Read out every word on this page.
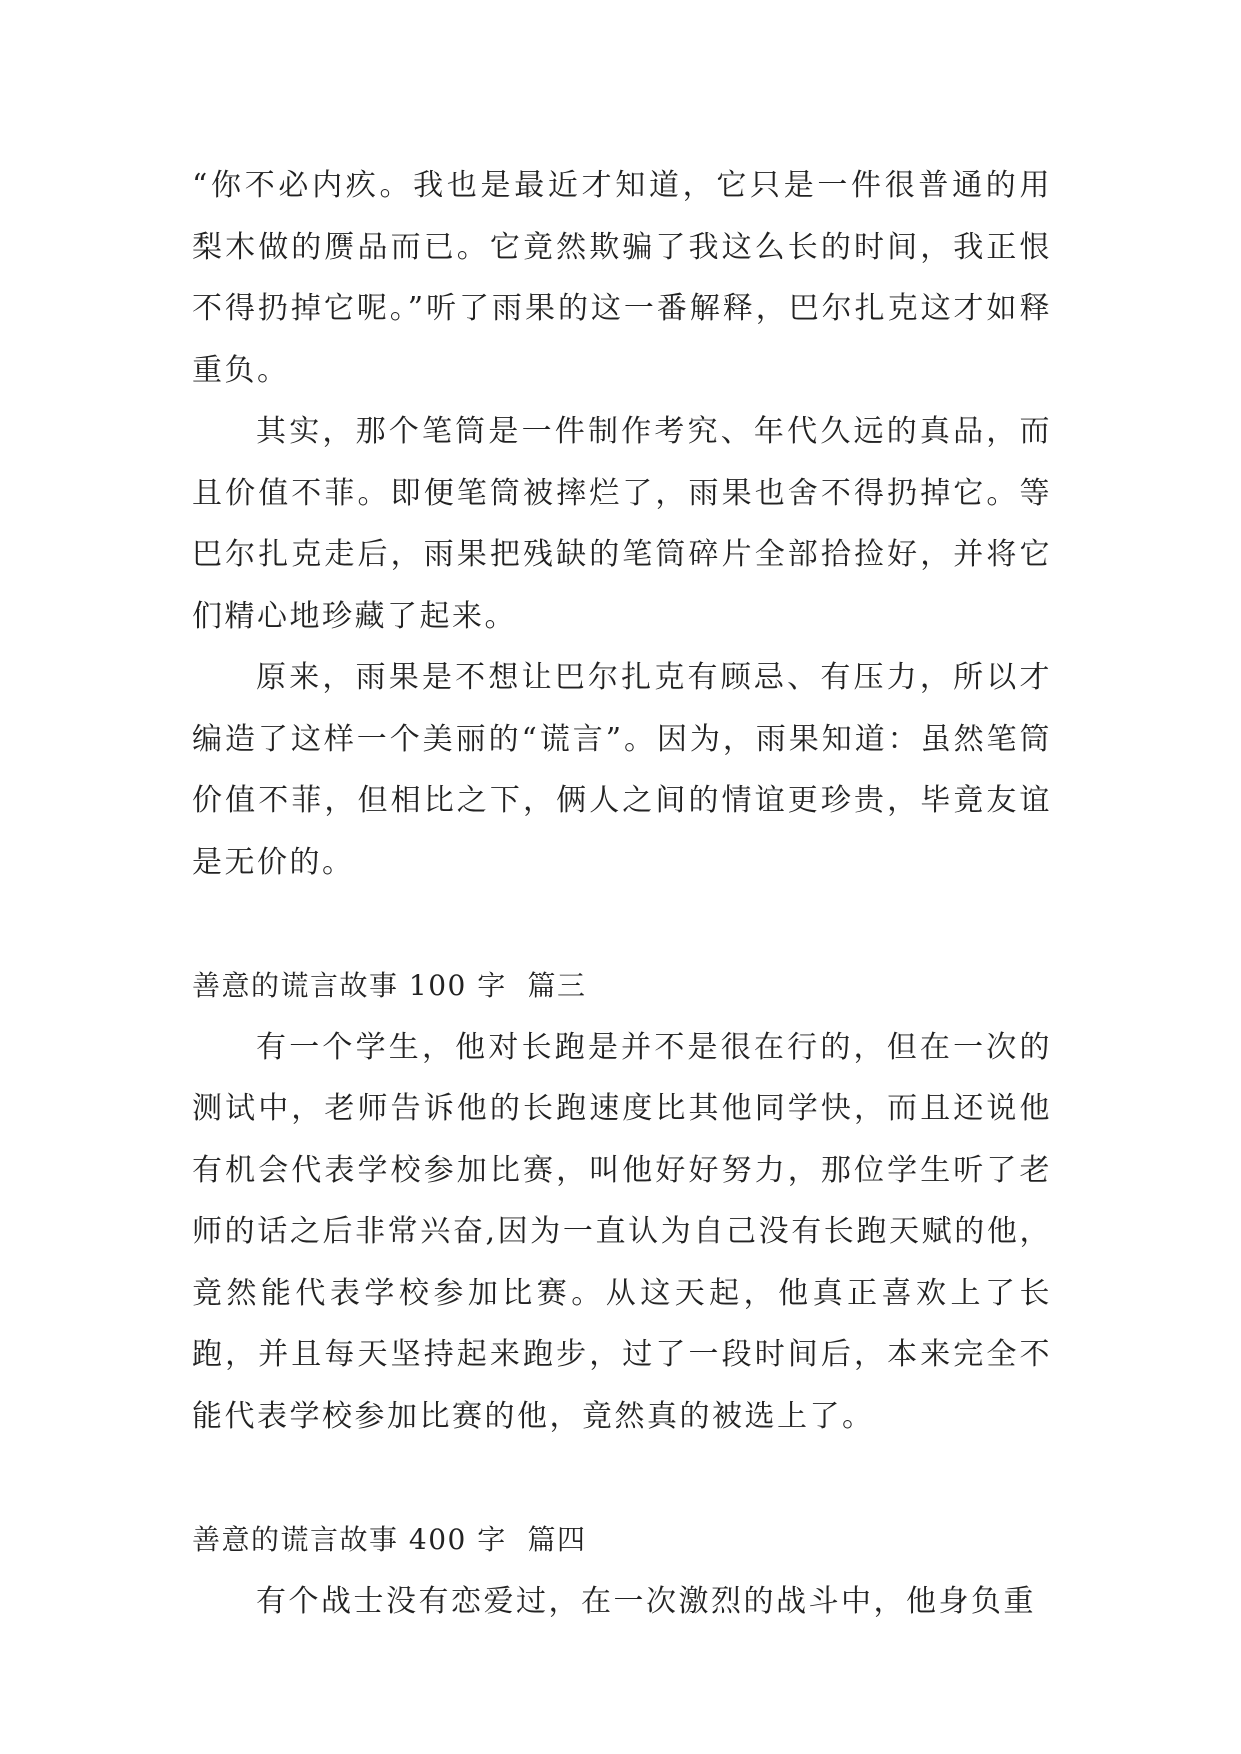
“你不必内疚。我也是最近才知道，它只是一件很普通的用梨木做的赝品而已。它竟然欺骗了我这么长的时间，我正恨不得扔掉它呢。”听了雨果的这一番解释，巴尔扎克这才如释重负。

其实，那个笔筒是一件制作考究、年代久远的真品，而且价值不菲。即便笔筒被摔烂了，雨果也舍不得扔掉它。等巴尔扎克走后，雨果把残缺的笔筒碎片全部拾捡好，并将它们精心地珍藏了起来。

原来，雨果是不想让巴尔扎克有顾忌、有压力，所以才编造了这样一个美丽的“谎言”。因为，雨果知道：虽然笔筒价值不菲，但相比之下，俩人之间的情谊更珍贵，毕竟友谊是无价的。

善意的谎言故事 100 字  篇三

有一个学生，他对长跑是并不是很在行的，但在一次的测试中，老师告诉他的长跑速度比其他同学快，而且还说他有机会代表学校参加比赛，叫他好好努力，那位学生听了老师的话之后非常兴奋,因为一直认为自己没有长跑天赋的他，竟然能代表学校参加比赛。从这天起，他真正喜欢上了长跑，并且每天坚持起来跑步，过了一段时间后，本来完全不能代表学校参加比赛的他，竟然真的被选上了。

善意的谎言故事 400 字  篇四

有个战士没有恋爱过，在一次激烈的战斗中，他身负重
